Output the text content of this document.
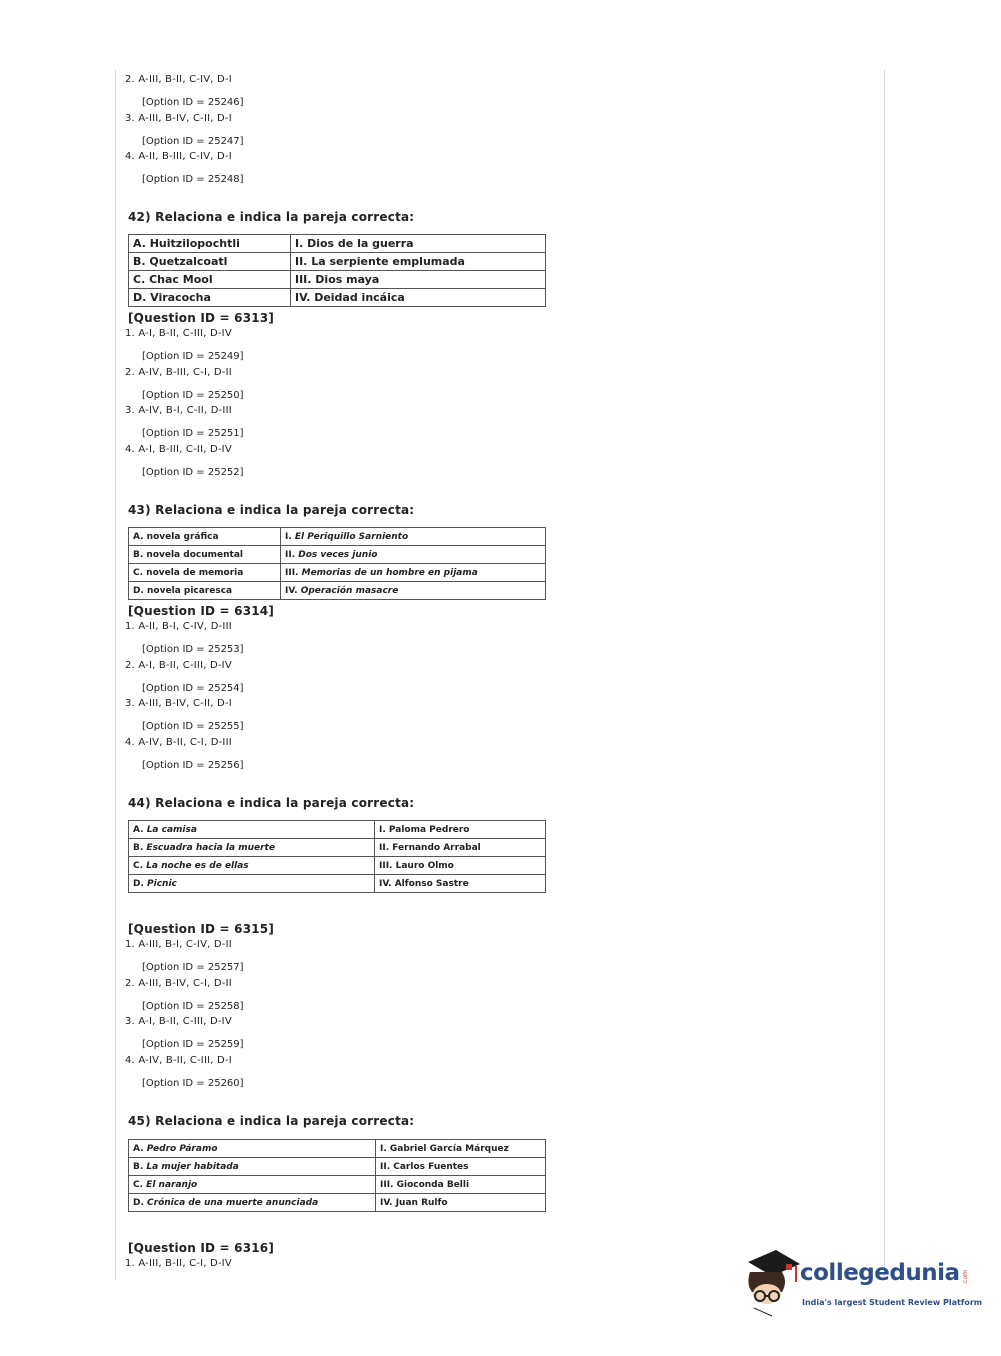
2. A-III, B-II, C-IV, D-I
[Option ID = 25246]
3. A-III, B-IV, C-II, D-I
[Option ID = 25247]
4. A-II, B-III, C-IV, D-I
[Option ID = 25248]
42) Relaciona e indica la pareja correcta:
A. Huitzilopochtli	I. Dios de la guerra
B. Quetzalcoatl	II. La serpiente emplumada
C. Chac Mool	III. Dios maya
D. Viracocha	IV. Deidad incáica
[Question ID = 6313]
1. A-I, B-II, C-III, D-IV
[Option ID = 25249]
2. A-IV, B-III, C-I, D-II
[Option ID = 25250]
3. A-IV, B-I, C-II, D-III
[Option ID = 25251]
4. A-I, B-III, C-II, D-IV
[Option ID = 25252]
43) Relaciona e indica la pareja correcta:
A. novela gráfica	I. El Periquillo Sarniento
B. novela documental	II. Dos veces junio
C. novela de memoria	III. Memorias de un hombre en pijama
D. novela picaresca	IV. Operación masacre
[Question ID = 6314]
1. A-II, B-I, C-IV, D-III
[Option ID = 25253]
2. A-I, B-II, C-III, D-IV
[Option ID = 25254]
3. A-III, B-IV, C-II, D-I
[Option ID = 25255]
4. A-IV, B-II, C-I, D-III
[Option ID = 25256]
44) Relaciona e indica la pareja correcta:
A. La camisa	I. Paloma Pedrero
B. Escuadra hacia la muerte	II. Fernando Arrabal
C. La noche es de ellas	III. Lauro Olmo
D. Picnic	IV. Alfonso Sastre
[Question ID = 6315]
1. A-III, B-I, C-IV, D-II
[Option ID = 25257]
2. A-III, B-IV, C-I, D-II
[Option ID = 25258]
3. A-I, B-II, C-III, D-IV
[Option ID = 25259]
4. A-IV, B-II, C-III, D-I
[Option ID = 25260]
45) Relaciona e indica la pareja correcta:
A. Pedro Páramo	I. Gabriel García Márquez
B. La mujer habitada	II. Carlos Fuentes
C. El naranjo	III. Gioconda Belli
D. Crónica de una muerte anunciada	IV. Juan Rulfo
[Question ID = 6316]
1. A-III, B-II, C-I, D-IV	collegedunia .com
India's largest Student Review Platform
